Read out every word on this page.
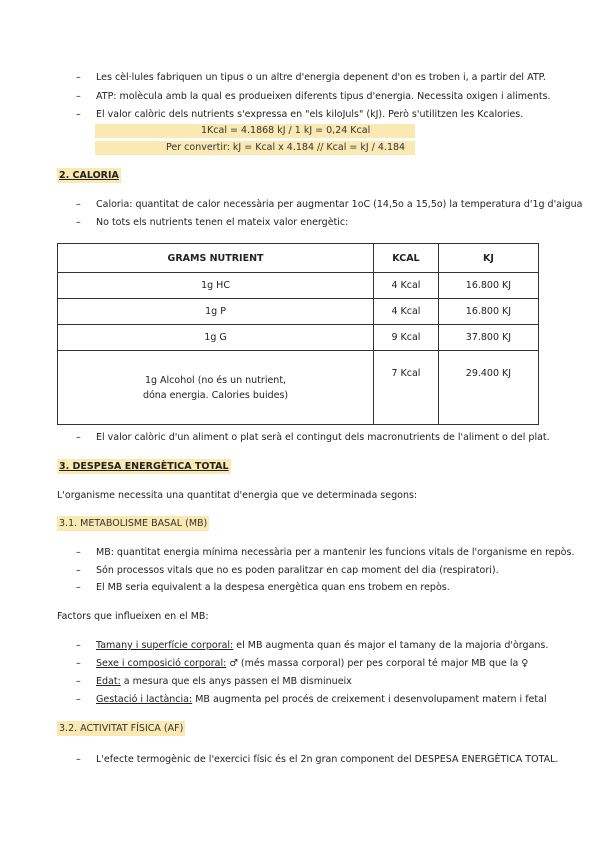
– Les cèl·lules fabriquen un tipus o un altre d'energia depenent d'on es troben i, a partir del ATP.
– ATP: molècula amb la qual es produeixen diferents tipus d'energia. Necessita oxigen i aliments.
– El valor calòric dels nutrients s'expressa en "els kiloJuls" (kJ). Però s'utilitzen les Kcalories.
1Kcal = 4.1868 kJ / 1 kJ = 0,24 Kcal
Per convertir: kJ = Kcal x 4.184 // Kcal = kJ / 4.184
2. CALORIA
– Caloria: quantitat de calor necessària per augmentar 1oC (14,5o a 15,5o) la temperatura d'1g d'aigua
– No tots els nutrients tenen el mateix valor energètic:
GRAMS NUTRIENT	KCAL	KJ
1g HC	4 Kcal	16.800 KJ
1g P	4 Kcal	16.800 KJ
1g G	9 Kcal	37.800 KJ

1g Alcohol (no és un nutrient,
dóna energia. Calories buides)	7 Kcal	29.400 KJ
– El valor calòric d'un aliment o plat serà el contingut dels macronutrients de l'aliment o del plat.
3. DESPESA ENERGÈTICA TOTAL
L'organisme necessita una quantitat d'energia que ve determinada segons:
3.1. METABOLISME BASAL (MB)
– MB: quantitat energia mínima necessària per a mantenir les funcions vitals de l'organisme en repòs.
– Són processos vitals que no es poden paralitzar en cap moment del dia (respiratori).
– El MB seria equivalent a la despesa energètica quan ens trobem en repòs.
Factors que influeixen en el MB:
– Tamany i superfície corporal: el MB augmenta quan és major el tamany de la majoria d'òrgans.
– Sexe i composició corporal: ♂ (més massa corporal) per pes corporal té major MB que la ♀
– Edat: a mesura que els anys passen el MB disminueix
– Gestació i lactància: MB augmenta pel procés de creixement i desenvolupament matern i fetal
3.2. ACTIVITAT FÍSICA (AF)
– L'efecte termogènic de l'exercici físic és el 2n gran component del DESPESA ENERGÈTICA TOTAL.
